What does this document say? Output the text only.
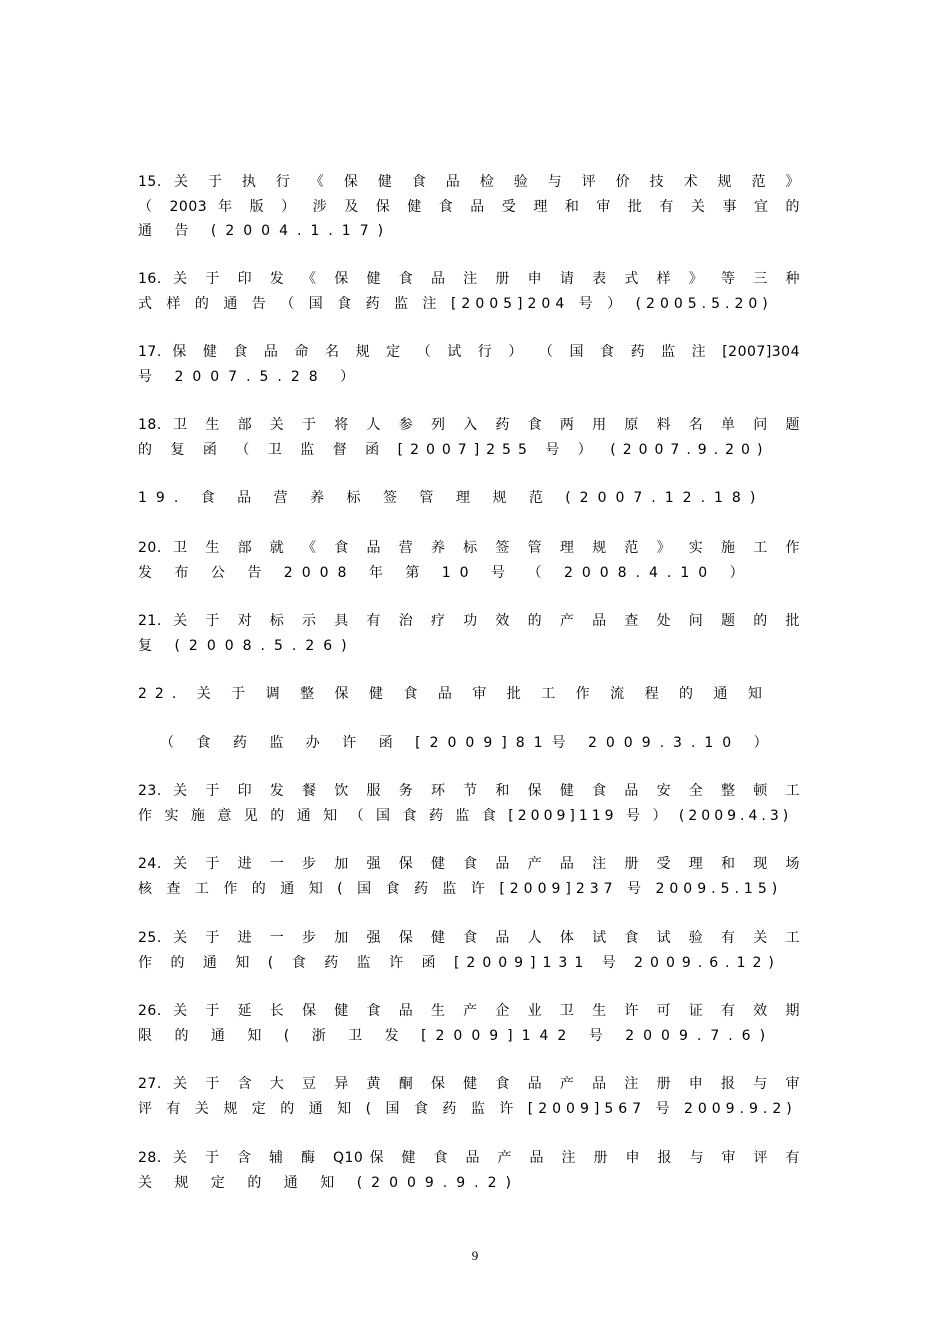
15. 关 于 执 行 《 保 健 食 品 检 验 与 评 价 技 术 规 范 》
（ 2003 年 版 ） 涉 及 保 健 食 品 受 理 和 审 批 有 关 事 宜 的
通 告 (2004.1.17)
16. 关 于 印 发 《 保 健 食 品 注 册 申 请 表 式 样 》 等 三 种
式 样 的 通 告 （ 国 食 药 监 注 [2005]204 号 ） (2005.5.20)
17. 保 健 食 品 命 名 规 定 （ 试 行 ） （ 国 食 药 监 注 [2007]304
号 2007.5.28 ）
18. 卫 生 部 关 于 将 人 参 列 入 药 食 两 用 原 料 名 单 问 题
的 复 函 （ 卫 监 督 函 [2007]255 号 ） (2007.9.20)
19. 食 品 营 养 标 签 管 理 规 范 (2007.12.18)
20. 卫 生 部 就 《 食 品 营 养 标 签 管 理 规 范 》 实 施 工 作
发 布 公 告 2008 年 第 10 号 （ 2008.4.10 ）
21. 关 于 对 标 示 具 有 治 疗 功 效 的 产 品 查 处 问 题 的 批
复 (2008.5.26)
22. 关 于 调 整 保 健 食 品 审 批 工 作 流 程 的 通 知
（ 食 药 监 办 许 函 [2009]81号 2009.3.10 ）
23. 关 于 印 发 餐 饮 服 务 环 节 和 保 健 食 品 安 全 整 顿 工
作 实 施 意 见 的 通 知 （ 国 食 药 监 食 [2009]119 号 ） (2009.4.3)
24. 关 于 进 一 步 加 强 保 健 食 品 产 品 注 册 受 理 和 现 场
核 查 工 作 的 通 知 ( 国 食 药 监 许 [2009]237 号 2009.5.15)
25. 关 于 进 一 步 加 强 保 健 食 品 人 体 试 食 试 验 有 关 工
作 的 通 知 ( 食 药 监 许 函 [2009]131 号 2009.6.12)
26. 关 于 延 长 保 健 食 品 生 产 企 业 卫 生 许 可 证 有 效 期
限 的 通 知 ( 浙 卫 发 [2009]142 号 2009.7.6)
27. 关 于 含 大 豆 异 黄 酮 保 健 食 品 产 品 注 册 申 报 与 审
评 有 关 规 定 的 通 知 ( 国 食 药 监 许 [2009]567 号 2009.9.2)
28. 关 于 含 辅 酶 Q10保 健 食 品 产 品 注 册 申 报 与 审 评 有
关 规 定 的 通 知 (2009.9.2)
9
